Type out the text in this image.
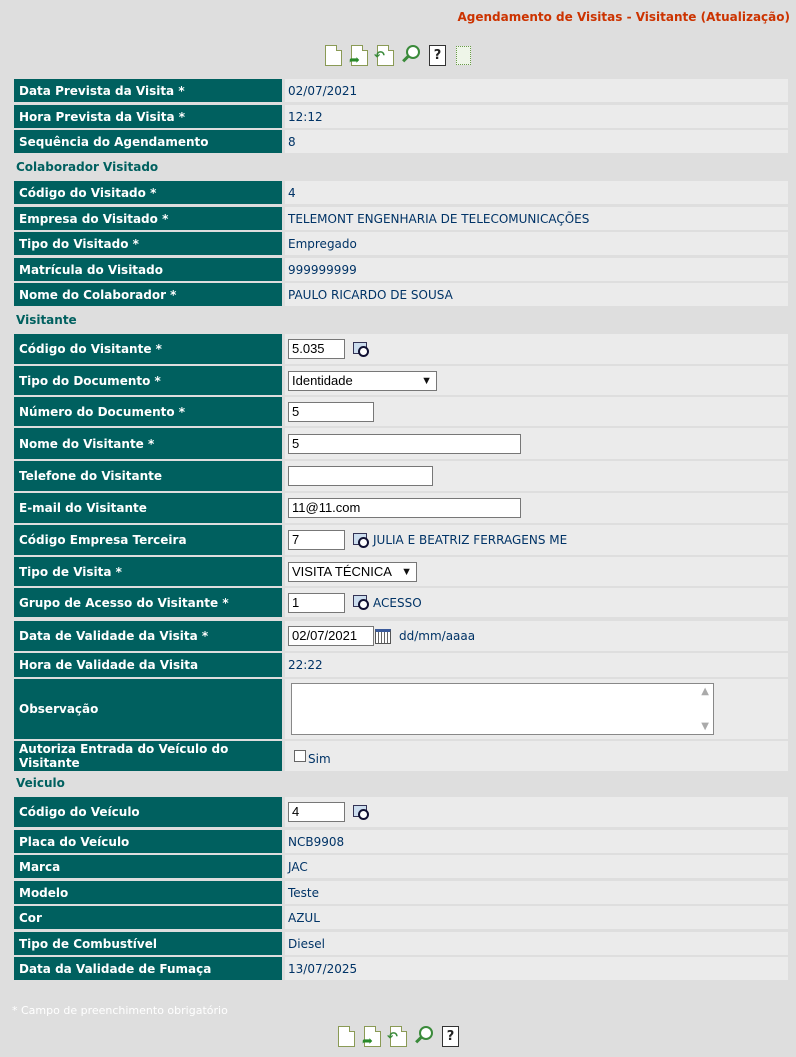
Agendamento de Visitas - Visitante (Atualização)
➦ ↶	?
Data Prevista da Visita *	02/07/2021
Hora Prevista da Visita *	12:12
Sequência do Agendamento	8
Colaborador Visitado
Código do Visitado *	4
Empresa do Visitado *	TELEMONT ENGENHARIA DE TELECOMUNICAÇÕES
Tipo do Visitado *	Empregado
Matrícula do Visitado	999999999
Nome do Colaborador *	PAULO RICARDO DE SOUSA
Visitante
Código do Visitante *	5.035
Tipo do Documento *	Identidade	▼
Número do Documento *	5
Nome do Visitante *	5
Telefone do Visitante
E-mail do Visitante	11@11.com
Código Empresa Terceira	7	JULIA E BEATRIZ FERRAGENS ME
Tipo de Visita *	VISITA TÉCNICA ▼
Grupo de Acesso do Visitante *	1	ACESSO
Data de Validade da Visita *	02/07/2021	dd/mm/aaaa
Hora de Validade da Visita	22:22
Observação
▲
▼
Autoriza Entrada do Veículo do Visitante	Sim
Veiculo
Código do Veículo	4
Placa do Veículo	NCB9908
Marca	JAC
Modelo	Teste
Cor	AZUL
Tipo de Combustível	Diesel
Data da Validade de Fumaça	13/07/2025
* Campo de preenchimento obrigatório
➦ ↶	?
